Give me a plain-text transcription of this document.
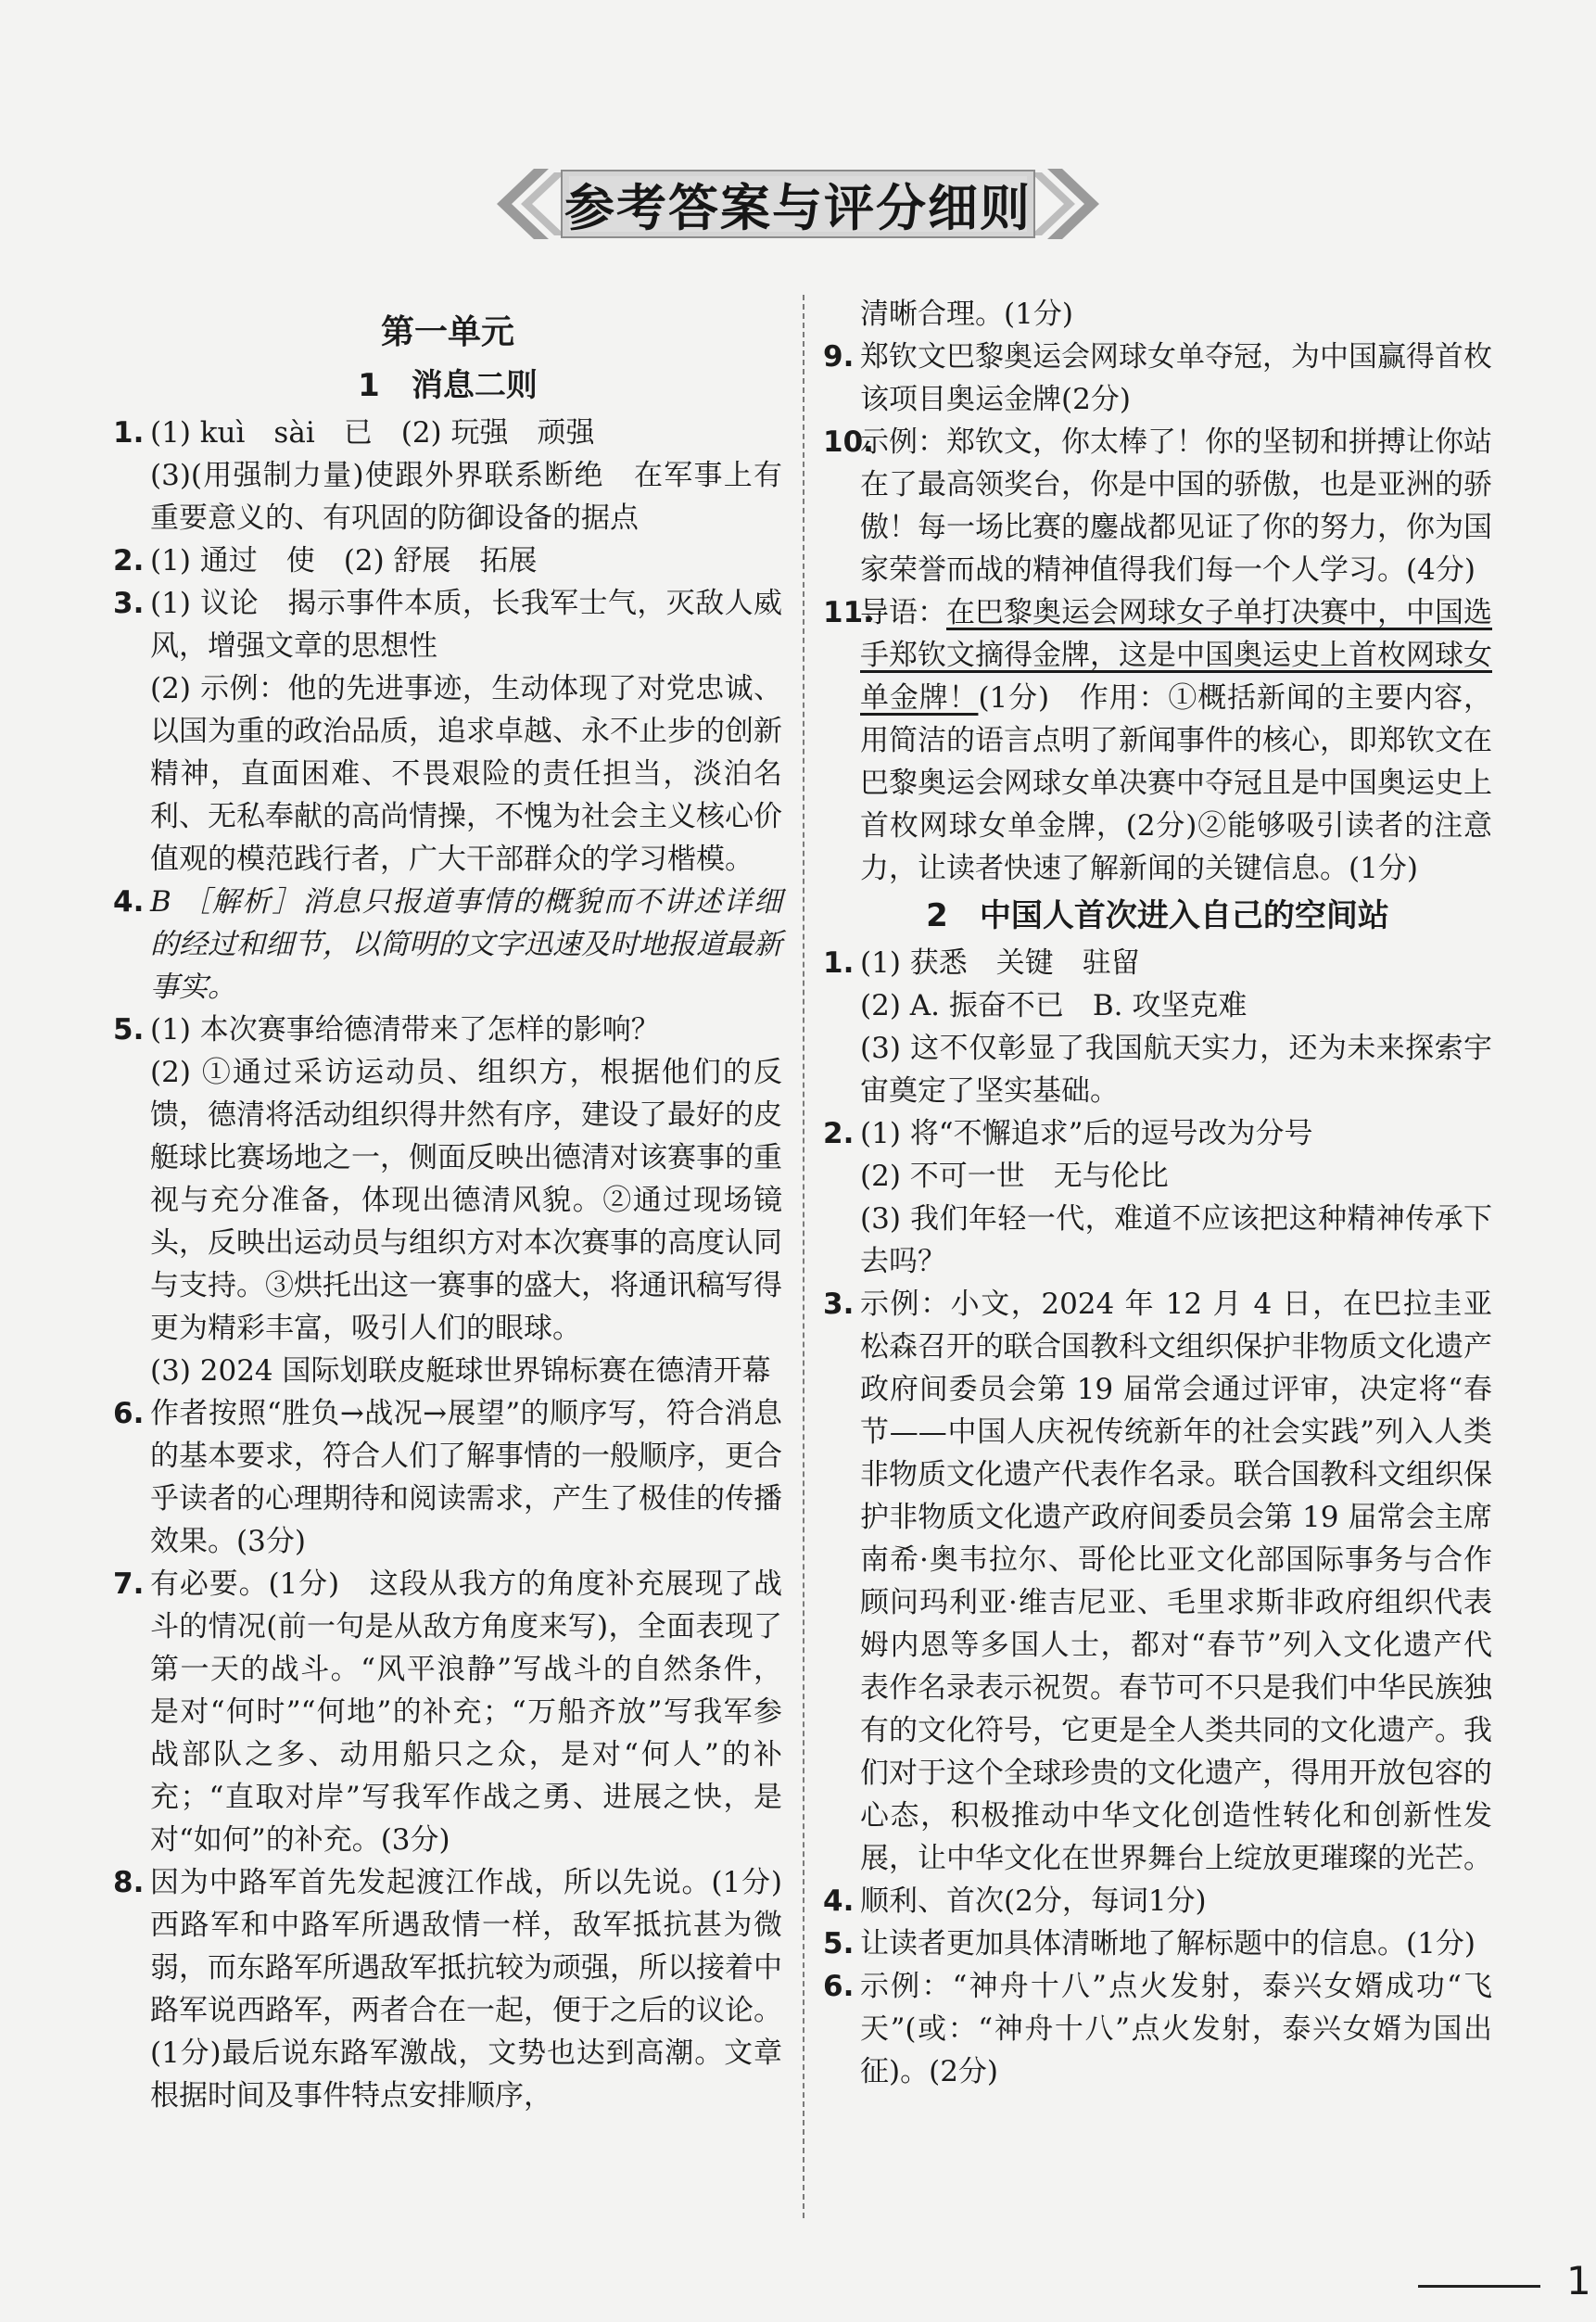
参考答案与评分细则
第一单元
1　消息二则
1. (1) kuì　sài　已　(2) 玩强　顽强
(3)(用强制力量)使跟外界联系断绝　在军事上有重要意义的、有巩固的防御设备的据点
2. (1) 通过　使　(2) 舒展　拓展
3. (1) 议论　揭示事件本质，长我军士气，灭敌人威风，增强文章的思想性
(2) 示例：他的先进事迹，生动体现了对党忠诚、以国为重的政治品质，追求卓越、永不止步的创新精神，直面困难、不畏艰险的责任担当，淡泊名利、无私奉献的高尚情操，不愧为社会主义核心价值观的模范践行者，广大干部群众的学习楷模。
4. B ［解析］消息只报道事情的概貌而不讲述详细的经过和细节，以简明的文字迅速及时地报道最新事实。
5. (1) 本次赛事给德清带来了怎样的影响？
(2) ①通过采访运动员、组织方，根据他们的反馈，德清将活动组织得井然有序，建设了最好的皮艇球比赛场地之一，侧面反映出德清对该赛事的重视与充分准备，体现出德清风貌。②通过现场镜头，反映出运动员与组织方对本次赛事的高度认同与支持。③烘托出这一赛事的盛大，将通讯稿写得更为精彩丰富，吸引人们的眼球。
(3) 2024 国际划联皮艇球世界锦标赛在德清开幕
6. 作者按照“胜负→战况→展望”的顺序写，符合消息的基本要求，符合人们了解事情的一般顺序，更合乎读者的心理期待和阅读需求，产生了极佳的传播效果。(3分)
7. 有必要。(1分)　这段从我方的角度补充展现了战斗的情况(前一句是从敌方角度来写)，全面表现了第一天的战斗。“风平浪静”写战斗的自然条件，是对“何时”“何地”的补充；“万船齐放”写我军参战部队之多、动用船只之众，是对“何人”的补充；“直取对岸”写我军作战之勇、进展之快，是对“如何”的补充。(3分)
8. 因为中路军首先发起渡江作战，所以先说。(1分)西路军和中路军所遇敌情一样，敌军抵抗甚为微弱，而东路军所遇敌军抵抗较为顽强，所以接着中路军说西路军，两者合在一起，便于之后的议论。(1分)最后说东路军激战，文势也达到高潮。文章根据时间及事件特点安排顺序，
清晰合理。(1分)
9. 郑钦文巴黎奥运会网球女单夺冠，为中国赢得首枚该项目奥运金牌(2分)
10.
示例：郑钦文，你太棒了！你的坚韧和拼搏让你站在了最高领奖台，你是中国的骄傲，也是亚洲的骄傲！每一场比赛的鏖战都见证了你的努力，你为国家荣誉而战的精神值得我们每一个人学习。(4分)
11.
导语：在巴黎奥运会网球女子单打决赛中，中国选手郑钦文摘得金牌，这是中国奥运史上首枚网球女单金牌！(1分)　作用：①概括新闻的主要内容，用简洁的语言点明了新闻事件的核心，即郑钦文在巴黎奥运会网球女单决赛中夺冠且是中国奥运史上首枚网球女单金牌，(2分)②能够吸引读者的注意力，让读者快速了解新闻的关键信息。(1分)
2　中国人首次进入自己的空间站
1. (1) 获悉　关键　驻留
(2) A. 振奋不已　B. 攻坚克难
(3) 这不仅彰显了我国航天实力，还为未来探索宇宙奠定了坚实基础。
2. (1) 将“不懈追求”后的逗号改为分号
(2) 不可一世　无与伦比
(3) 我们年轻一代，难道不应该把这种精神传承下去吗？
3. 示例：小文，2024 年 12 月 4 日，在巴拉圭亚松森召开的联合国教科文组织保护非物质文化遗产政府间委员会第 19 届常会通过评审，决定将“春节——中国人庆祝传统新年的社会实践”列入人类非物质文化遗产代表作名录。联合国教科文组织保护非物质文化遗产政府间委员会第 19 届常会主席南希·奥韦拉尔、哥伦比亚文化部国际事务与合作顾问玛利亚·维吉尼亚、毛里求斯非政府组织代表姆内恩等多国人士，都对“春节”列入文化遗产代表作名录表示祝贺。春节可不只是我们中华民族独有的文化符号，它更是全人类共同的文化遗产。我们对于这个全球珍贵的文化遗产，得用开放包容的心态，积极推动中华文化创造性转化和创新性发展，让中华文化在世界舞台上绽放更璀璨的光芒。
4. 顺利、首次(2分，每词1分)
5. 让读者更加具体清晰地了解标题中的信息。(1分)
6. 示例：“神舟十八”点火发射，泰兴女婿成功“飞天”(或：“神舟十八”点火发射，泰兴女婿为国出征)。(2分)
1
